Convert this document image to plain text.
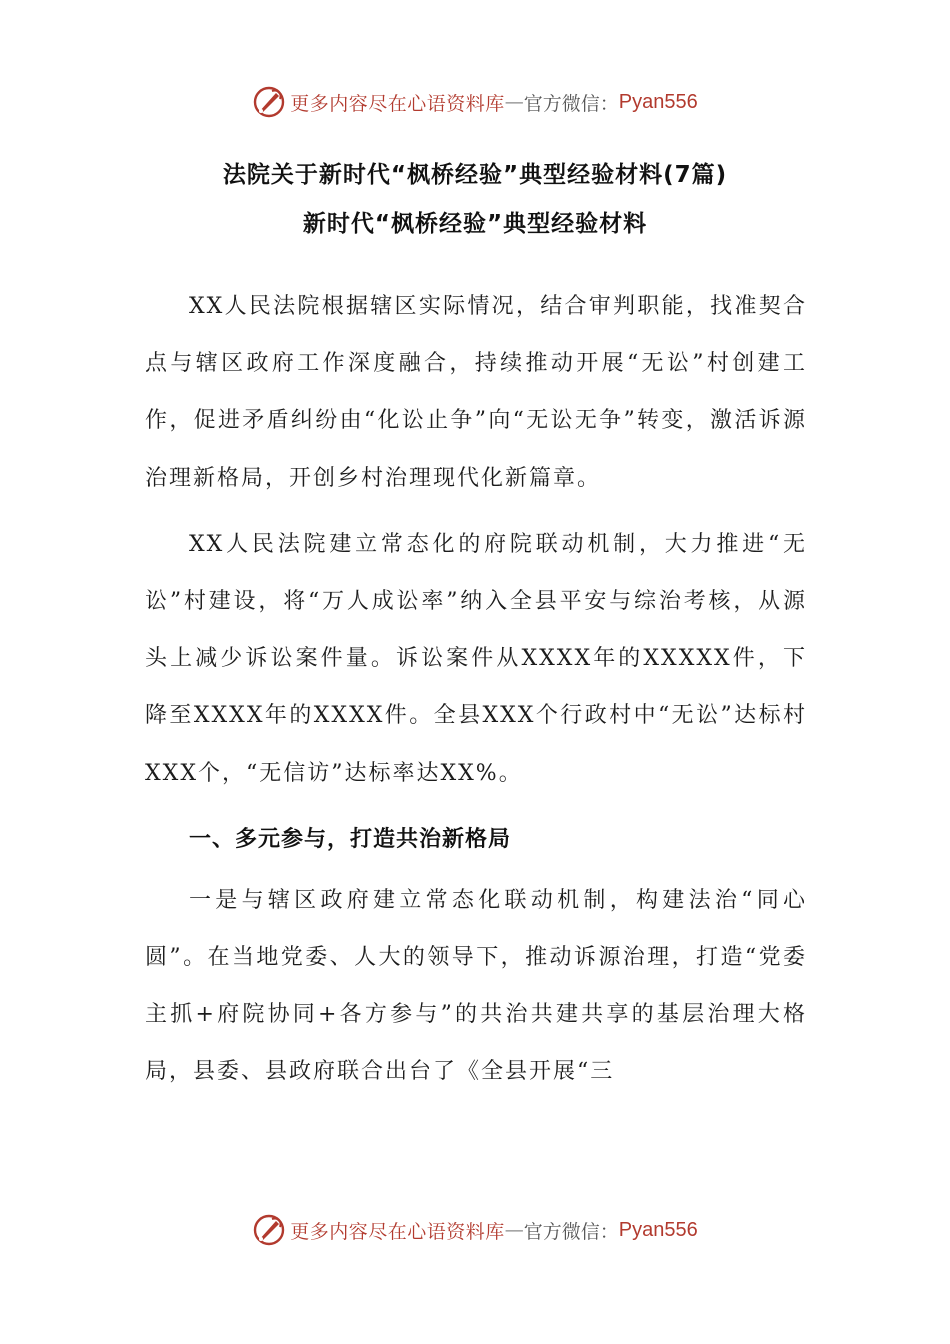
更多内容尽在心语资料库 — 官方微信： Pyan556
法院关于新时代“枫桥经验”典型经验材料(7篇)
新时代“枫桥经验”典型经验材料

XX人民法院根据辖区实际情况，结合审判职能，找准契合点与辖区政府工作深度融合，持续推动开展“无讼”村创建工作，促进矛盾纠纷由“化讼止争”向“无讼无争”转变，激活诉源治理新格局，开创乡村治理现代化新篇章。

XX人民法院建立常态化的府院联动机制，大力推进“无讼”村建设，将“万人成讼率”纳入全县平安与综治考核，从源头上减少诉讼案件量。诉讼案件从XXXX年的XXXXX件，下降至XXXX年的XXXX件。全县XXX个行政村中“无讼”达标村XXX个，“无信访”达标率达XX%。

一、多元参与，打造共治新格局

一是与辖区政府建立常态化联动机制，构建法治“同心圆”。在当地党委、人大的领导下，推动诉源治理，打造“党委主抓+府院协同+各方参与”的共治共建共享的基层治理大格局，县委、县政府联合出台了《全县开展“三

更多内容尽在心语资料库 — 官方微信： Pyan556
